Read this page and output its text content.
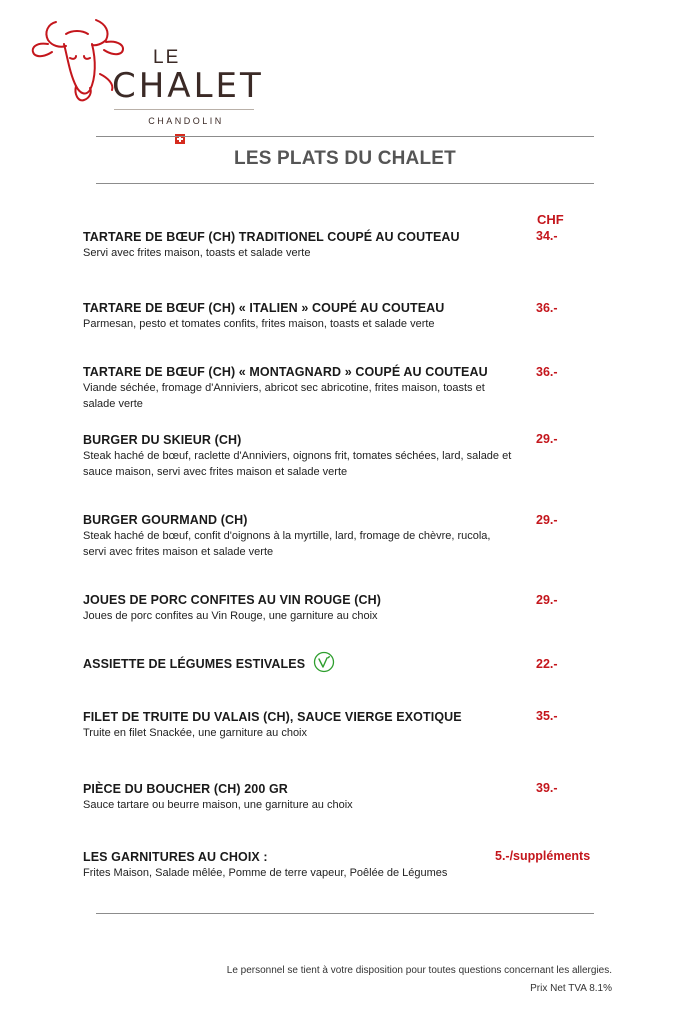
LE
CHALET
CHANDOLIN
LES PLATS DU CHALET
CHF
TARTARE DE BŒUF (CH) TRADITIONEL COUPÉ AU COUTEAU
Servi avec frites maison, toasts et salade verte
34.-
TARTARE DE BŒUF (CH) « ITALIEN » COUPÉ AU COUTEAU
Parmesan, pesto et tomates confits, frites maison, toasts et salade verte
36.-
TARTARE DE BŒUF (CH) « MONTAGNARD » COUPÉ AU COUTEAU
Viande séchée, fromage d'Anniviers, abricot sec abricotine, frites maison, toasts et salade verte
36.-
BURGER DU SKIEUR (CH)
Steak haché de bœuf, raclette d'Anniviers, oignons frit, tomates séchées, lard, salade et sauce maison, servi avec frites maison et salade verte
29.-
BURGER GOURMAND (CH)
Steak haché de bœuf, confit d'oignons à la myrtille, lard, fromage de chèvre, rucola, servi avec frites maison et salade verte
29.-
JOUES DE PORC CONFITES AU VIN ROUGE (CH)
Joues de porc confites au Vin Rouge, une garniture au choix
29.-
ASSIETTE DE LÉGUMES ESTIVALES	22.-
FILET DE TRUITE DU VALAIS (CH), SAUCE VIERGE EXOTIQUE
Truite en filet Snackée, une garniture au choix
35.-
PIÈCE DU BOUCHER (CH) 200 GR
Sauce tartare ou beurre maison, une garniture au choix
39.-
LES GARNITURES AU CHOIX :
Frites Maison, Salade mêlée, Pomme de terre vapeur, Poêlée de Légumes
5.-/suppléments
Le personnel se tient à votre disposition pour toutes questions concernant les allergies.
Prix Net TVA 8.1%
